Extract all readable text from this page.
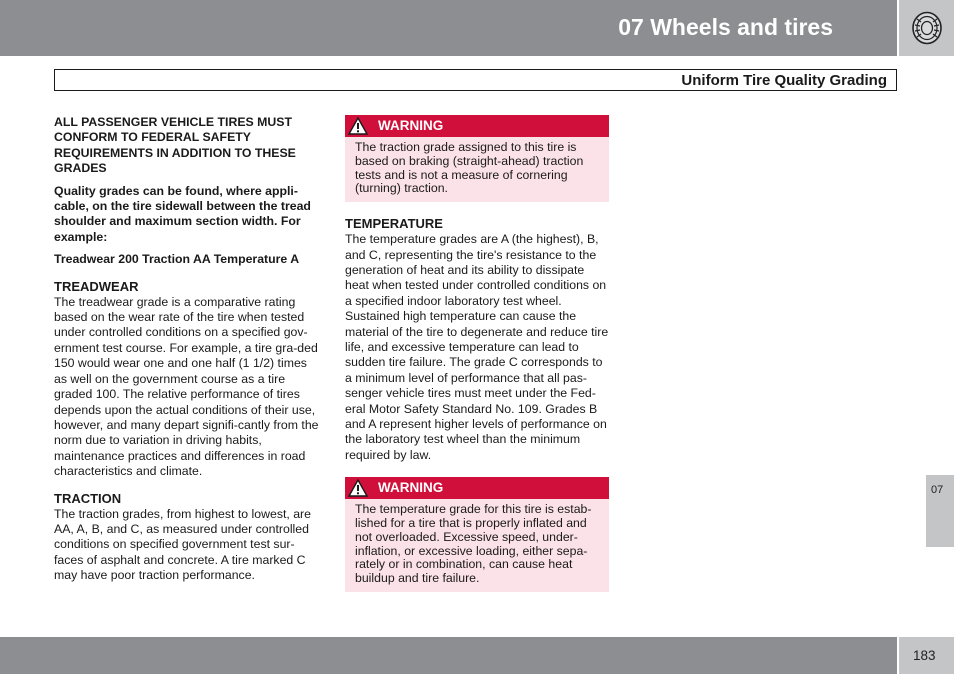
07 Wheels and tires
Uniform Tire Quality Grading

ALL PASSENGER VEHICLE TIRES MUST CONFORM TO FEDERAL SAFETY REQUIREMENTS IN ADDITION TO THESE GRADES

Quality grades can be found, where appli-cable, on the tire sidewall between the tread shoulder and maximum section width. For example:

Treadwear 200 Traction AA Temperature A

TREADWEAR

The treadwear grade is a comparative rating based on the wear rate of the tire when tested under controlled conditions on a specified gov-ernment test course. For example, a tire gra-ded 150 would wear one and one half (1 1/2) times as well on the government course as a tire graded 100. The relative performance of tires depends upon the actual conditions of their use, however, and many depart signifi-cantly from the norm due to variation in driving habits, maintenance practices and differences in road characteristics and climate.

TRACTION

The traction grades, from highest to lowest, are AA, A, B, and C, as measured under controlled conditions on specified government test sur-faces of asphalt and concrete. A tire marked C may have poor traction performance.

WARNING
The traction grade assigned to this tire is based on braking (straight-ahead) traction tests and is not a measure of cornering (turning) traction.

TEMPERATURE

The temperature grades are A (the highest), B, and C, representing the tire's resistance to the generation of heat and its ability to dissipate heat when tested under controlled conditions on a specified indoor laboratory test wheel. Sustained high temperature can cause the material of the tire to degenerate and reduce tire life, and excessive temperature can lead to sudden tire failure. The grade C corresponds to a minimum level of performance that all pas-senger vehicle tires must meet under the Fed-eral Motor Safety Standard No. 109. Grades B and A represent higher levels of performance on the laboratory test wheel than the minimum required by law.

WARNING
The temperature grade for this tire is estab-lished for a tire that is properly inflated and not overloaded. Excessive speed, under-inflation, or excessive loading, either sepa-rately or in combination, can cause heat buildup and tire failure.
07
183
